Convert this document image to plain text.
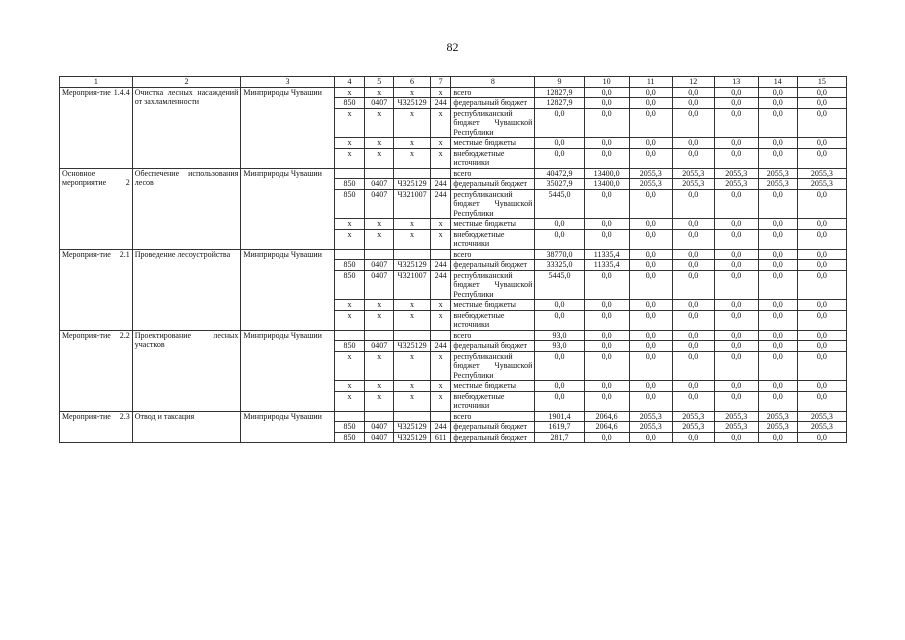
82
1	2	3	4	5	6	7	8	9	10	11	12	13	14	15
Мероприя-тие 1.4.4	Очистка лесных насаждений от захламленности	Минприроды Чувашии	x	x	x	x	всего	12827,9	0,0	0,0	0,0	0,0	0,0	0,0
			850	0407	Ч325129	244	федеральный бюджет	12827,9	0,0	0,0	0,0	0,0	0,0	0,0
			x	x	x	x	республиканский бюджет Чувашской Республики	0,0	0,0	0,0	0,0	0,0	0,0	0,0
			x	x	x	x	местные бюджеты	0,0	0,0	0,0	0,0	0,0	0,0	0,0
			x	x	x	x	внебюджетные источники	0,0	0,0	0,0	0,0	0,0	0,0	0,0
Основное мероприятие 2	Обеспечение использования лесов	Минприроды Чувашии					всего	40472,9	13400,0	2055,3	2055,3	2055,3	2055,3	2055,3
			850	0407	Ч325129	244	федеральный бюджет	35027,9	13400,0	2055,3	2055,3	2055,3	2055,3	2055,3
			850	0407	Ч321007	244	республиканский бюджет Чувашской Республики	5445,0	0,0	0,0	0,0	0,0	0,0	0,0
			x	x	x	x	местные бюджеты	0,0	0,0	0,0	0,0	0,0	0,0	0,0
			x	x	x	x	внебюджетные источники	0,0	0,0	0,0	0,0	0,0	0,0	0,0
Мероприя-тие 2.1	Проведение лесоустройства	Минприроды Чувашии					всего	38770,0	11335,4	0,0	0,0	0,0	0,0	0,0
			850	0407	Ч325129	244	федеральный бюджет	33325,0	11335,4	0,0	0,0	0,0	0,0	0,0
			850	0407	Ч321007	244	республиканский бюджет Чувашской Республики	5445,0	0,0	0,0	0,0	0,0	0,0	0,0
			x	x	x	x	местные бюджеты	0,0	0,0	0,0	0,0	0,0	0,0	0,0
			x	x	x	x	внебюджетные источники	0,0	0,0	0,0	0,0	0,0	0,0	0,0
Мероприя-тие 2.2	Проектирование лесных участков	Минприроды Чувашии					всего	93,0	0,0	0,0	0,0	0,0	0,0	0,0
			850	0407	Ч325129	244	федеральный бюджет	93,0	0,0	0,0	0,0	0,0	0,0	0,0
			x	x	x	x	республиканский бюджет Чувашской Республики	0,0	0,0	0,0	0,0	0,0	0,0	0,0
			x	x	x	x	местные бюджеты	0,0	0,0	0,0	0,0	0,0	0,0	0,0
			x	x	x	x	внебюджетные источники	0,0	0,0	0,0	0,0	0,0	0,0	0,0
Мероприя-тие 2.3	Отвод и таксация	Минприроды Чувашии					всего	1901,4	2064,6	2055,3	2055,3	2055,3	2055,3	2055,3
			850	0407	Ч325129	244	федеральный бюджет	1619,7	2064,6	2055,3	2055,3	2055,3	2055,3	2055,3
			850	0407	Ч325129	611	федеральный бюджет	281,7	0,0	0,0	0,0	0,0	0,0	0,0
